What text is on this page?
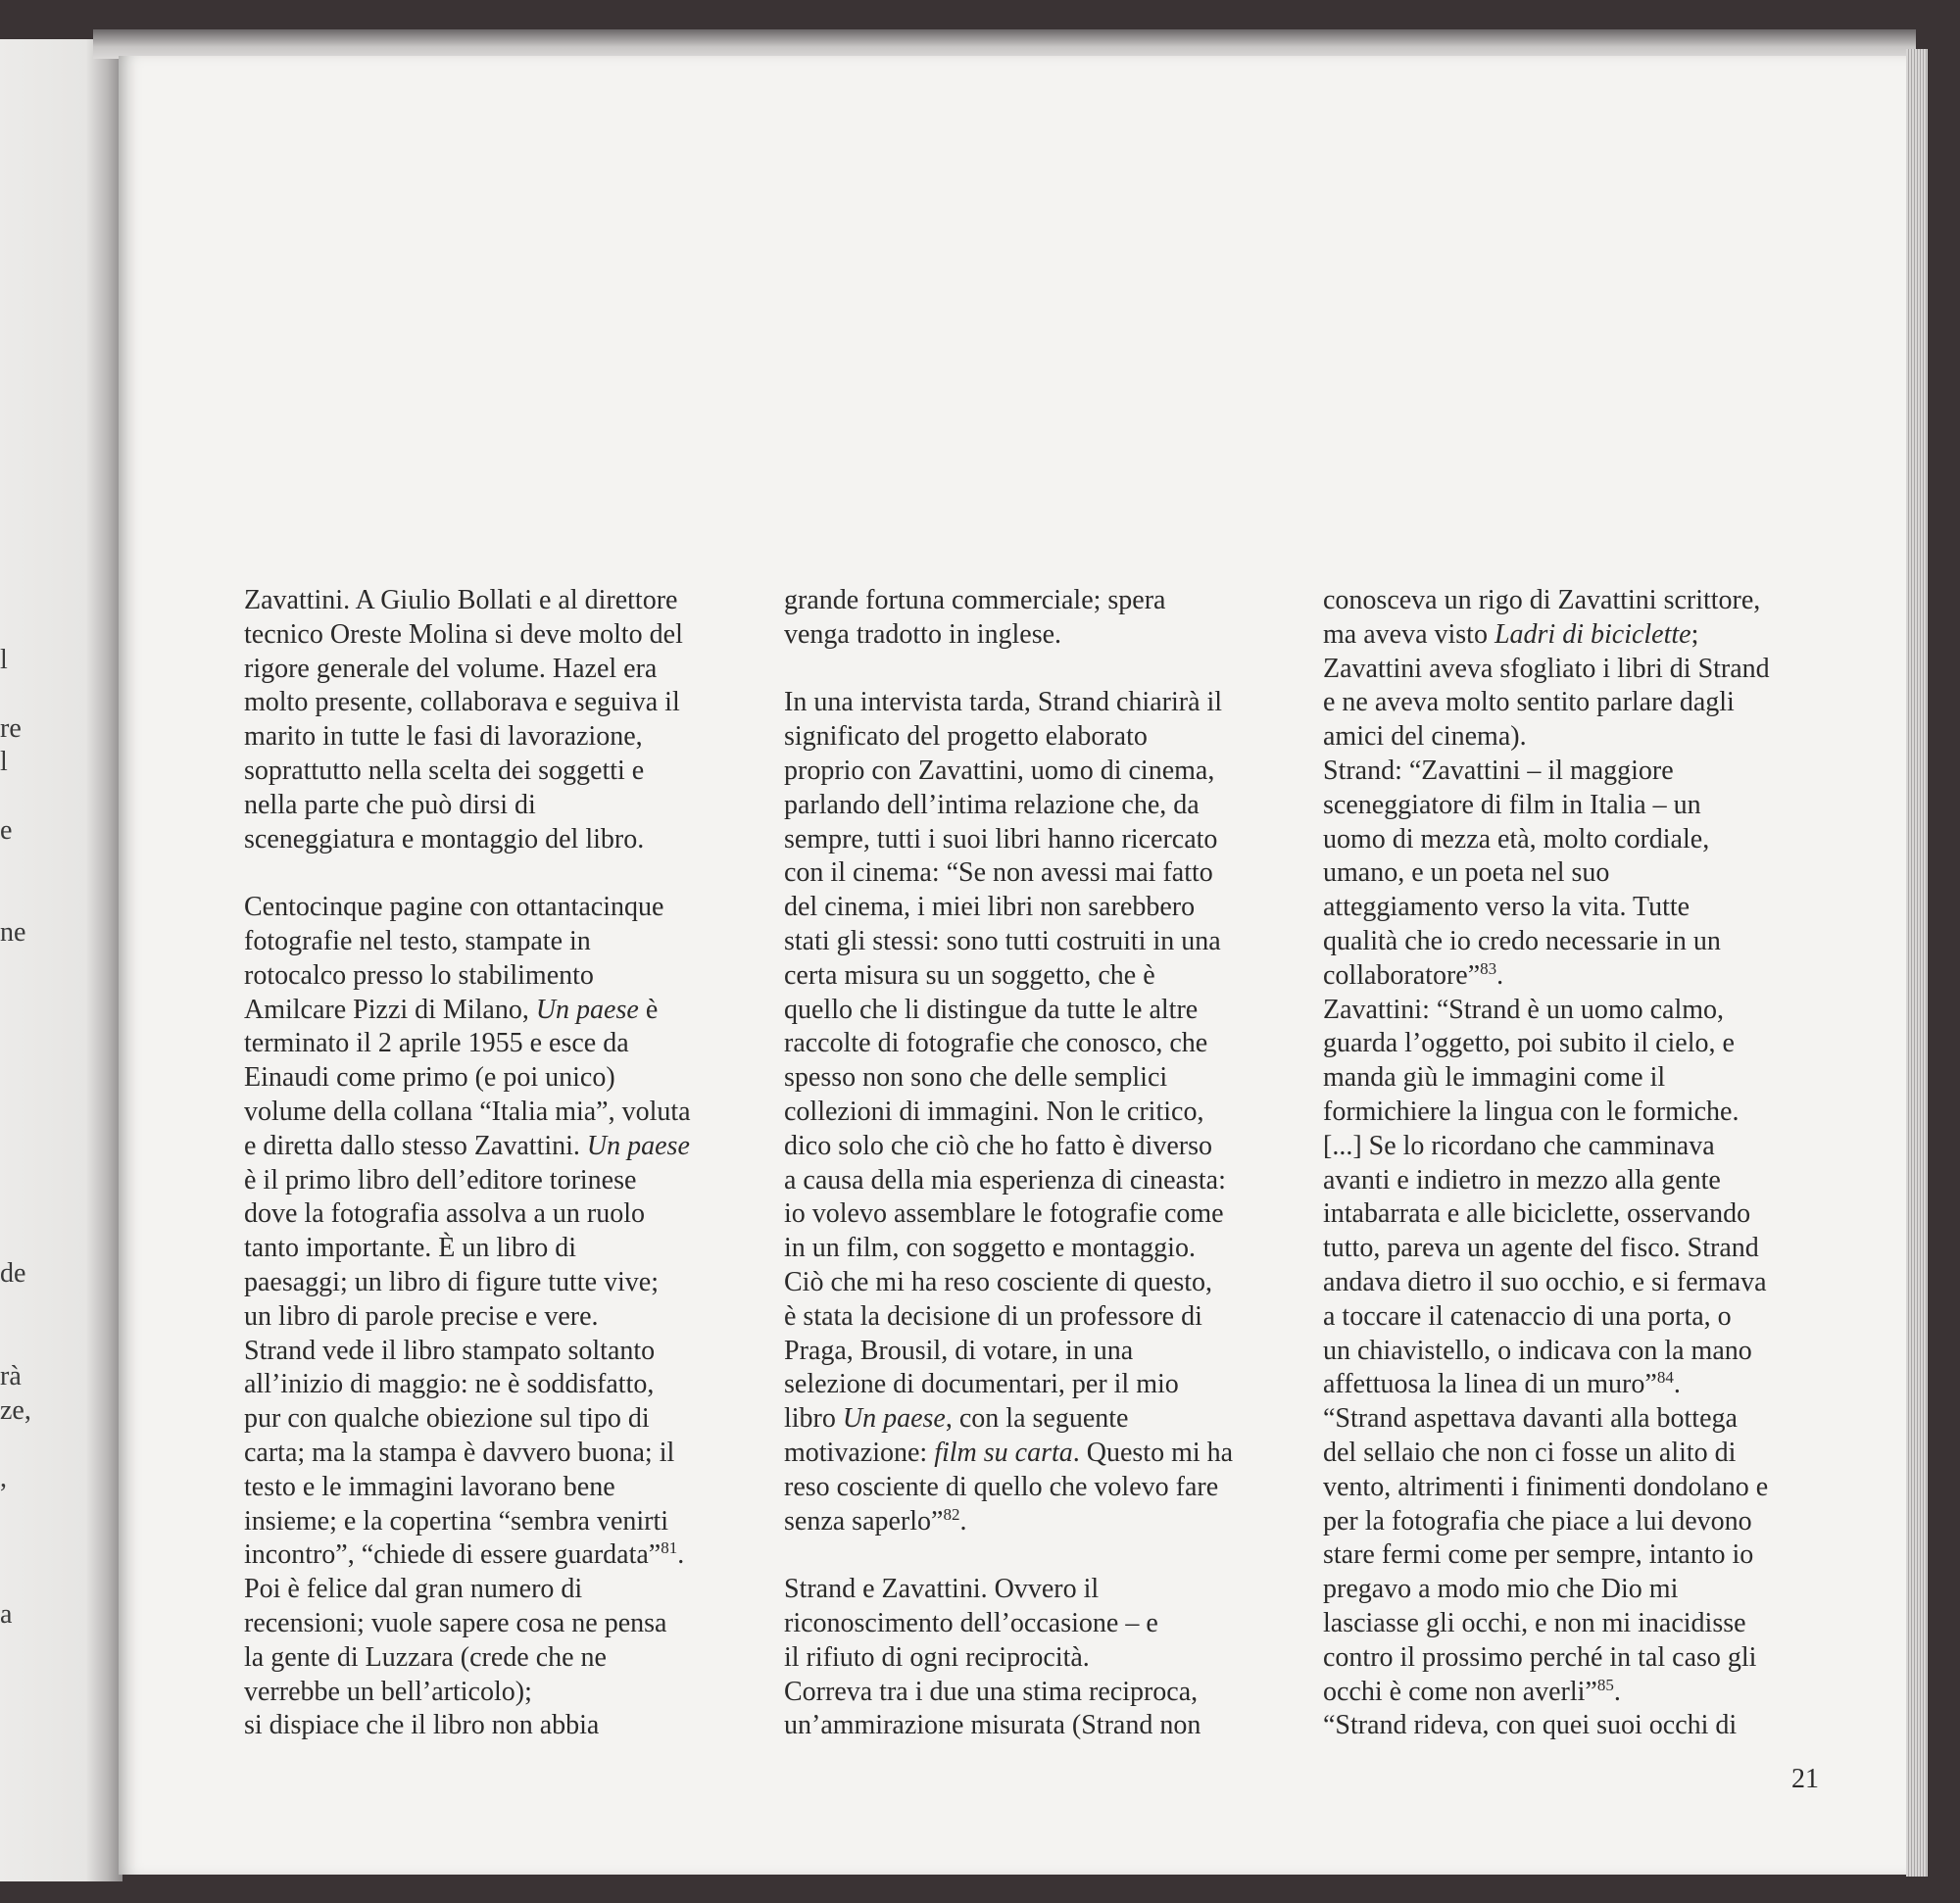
l
re
l
e
ne
de
rà
ze,
,
a
Zavattini. A Giulio Bollati e al direttore
tecnico Oreste Molina si deve molto del
rigore generale del volume. Hazel era
molto presente, collaborava e seguiva il
marito in tutte le fasi di lavorazione,
soprattutto nella scelta dei soggetti e
nella parte che può dirsi di
sceneggiatura e montaggio del libro.
Centocinque pagine con ottantacinque
fotografie nel testo, stampate in
rotocalco presso lo stabilimento
Amilcare Pizzi di Milano, Un paese è
terminato il 2 aprile 1955 e esce da
Einaudi come primo (e poi unico)
volume della collana “Italia mia”, voluta
e diretta dallo stesso Zavattini. Un paese
è il primo libro dell’editore torinese
dove la fotografia assolva a un ruolo
tanto importante. È un libro di
paesaggi; un libro di figure tutte vive;
un libro di parole precise e vere.
Strand vede il libro stampato soltanto
all’inizio di maggio: ne è soddisfatto,
pur con qualche obiezione sul tipo di
carta; ma la stampa è davvero buona; il
testo e le immagini lavorano bene
insieme; e la copertina “sembra venirti
incontro”, “chiede di essere guardata”$^{81}$.
Poi è felice dal gran numero di
recensioni; vuole sapere cosa ne pensa
la gente di Luzzara (crede che ne
verrebbe un bell’articolo);
si dispiace che il libro non abbia
grande fortuna commerciale; spera
venga tradotto in inglese.
In una intervista tarda, Strand chiarirà il
significato del progetto elaborato
proprio con Zavattini, uomo di cinema,
parlando dell’intima relazione che, da
sempre, tutti i suoi libri hanno ricercato
con il cinema: “Se non avessi mai fatto
del cinema, i miei libri non sarebbero
stati gli stessi: sono tutti costruiti in una
certa misura su un soggetto, che è
quello che li distingue da tutte le altre
raccolte di fotografie che conosco, che
spesso non sono che delle semplici
collezioni di immagini. Non le critico,
dico solo che ciò che ho fatto è diverso
a causa della mia esperienza di cineasta:
io volevo assemblare le fotografie come
in un film, con soggetto e montaggio.
Ciò che mi ha reso cosciente di questo,
è stata la decisione di un professore di
Praga, Brousil, di votare, in una
selezione di documentari, per il mio
libro Un paese, con la seguente
motivazione: film su carta. Questo mi ha
reso cosciente di quello che volevo fare
senza saperlo”$^{82}$.
Strand e Zavattini. Ovvero il
riconoscimento dell’occasione – e
il rifiuto di ogni reciprocità.
Correva tra i due una stima reciproca,
un’ammirazione misurata (Strand non
conosceva un rigo di Zavattini scrittore,
ma aveva visto Ladri di biciclette;
Zavattini aveva sfogliato i libri di Strand
e ne aveva molto sentito parlare dagli
amici del cinema).
Strand: “Zavattini – il maggiore
sceneggiatore di film in Italia – un
uomo di mezza età, molto cordiale,
umano, e un poeta nel suo
atteggiamento verso la vita. Tutte
qualità che io credo necessarie in un
collaboratore”$^{83}$.
Zavattini: “Strand è un uomo calmo,
guarda l’oggetto, poi subito il cielo, e
manda giù le immagini come il
formichiere la lingua con le formiche.
[...] Se lo ricordano che camminava
avanti e indietro in mezzo alla gente
intabarrata e alle biciclette, osservando
tutto, pareva un agente del fisco. Strand
andava dietro il suo occhio, e si fermava
a toccare il catenaccio di una porta, o
un chiavistello, o indicava con la mano
affettuosa la linea di un muro”$^{84}$.
“Strand aspettava davanti alla bottega
del sellaio che non ci fosse un alito di
vento, altrimenti i finimenti dondolano e
per la fotografia che piace a lui devono
stare fermi come per sempre, intanto io
pregavo a modo mio che Dio mi
lasciasse gli occhi, e non mi inacidisse
contro il prossimo perché in tal caso gli
occhi è come non averli”$^{85}$.
“Strand rideva, con quei suoi occhi di
21
